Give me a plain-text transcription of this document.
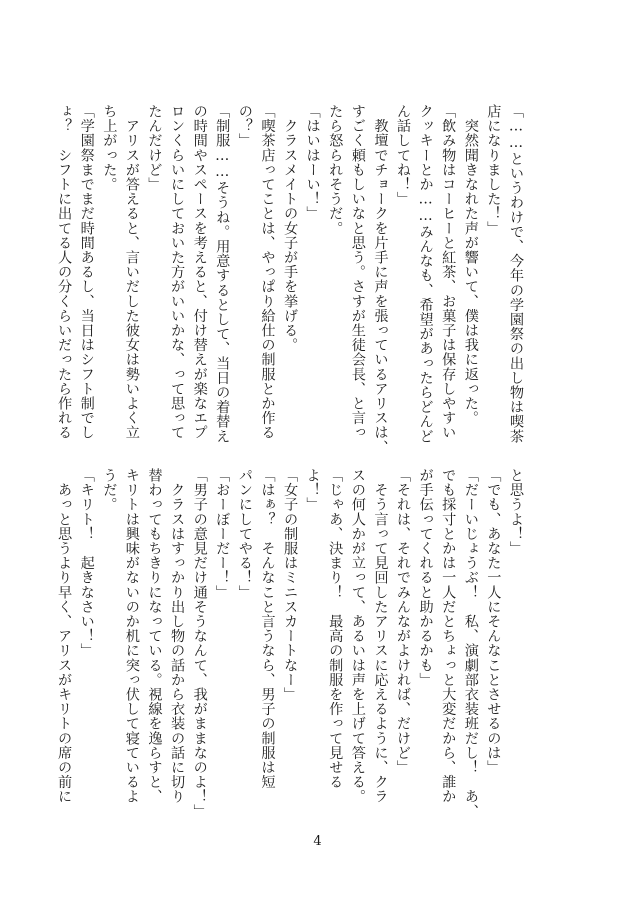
「……というわけで、今年の学園祭の出し物は喫茶
店になりました！」
　突然聞きなれた声が響いて、僕は我に返った。
「飲み物はコーヒーと紅茶、お菓子は保存しやすい
クッキーとか……みんなも、希望があったらどんど
ん話してね！」
　教壇でチョークを片手に声を張っているアリスは、
すごく頼もしいなと思う。さすが生徒会長、と言っ
たら怒られそうだ。
「はいはーい！」
　クラスメイトの女子が手を挙げる。
「喫茶店ってことは、やっぱり給仕の制服とか作る
の？」
「制服……そうね。用意するとして、当日の着替え
の時間やスペースを考えると、付け替えが楽なエプ
ロンくらいにしておいた方がいいかな、って思って
たんだけど」
　アリスが答えると、言いだした彼女は勢いよく立
ち上がった。
「学園祭までまだ時間あるし、当日はシフト制でし
ょ？　シフトに出てる人の分くらいだったら作れる
と思うよ！」
「でも、あなた一人にそんなことさせるのは」
「だーいじょうぶ！　私、演劇部衣装班だし！　あ、
でも採寸とかは一人だとちょっと大変だから、誰か
が手伝ってくれると助かるかも」
「それは、それでみんながよければ、だけど」
　そう言って見回したアリスに応えるように、クラ
スの何人かが立って、あるいは声を上げて答える。
「じゃあ、決まり！　最高の制服を作って見せる
よ！」
「女子の制服はミニスカートなー」
「はぁ？　そんなこと言うなら、男子の制服は短
パンにしてやる！」
「おーぼーだー！」
「男子の意見だけ通そうなんて、我がままなのよ！」
　クラスはすっかり出し物の話から衣装の話に切り
替わってもちきりになっている。視線を逸らすと、
キリトは興味がないのか机に突っ伏して寝ているよ
うだ。
「キリト！　起きなさい！」
　あっと思うより早く、アリスがキリトの席の前に
4
